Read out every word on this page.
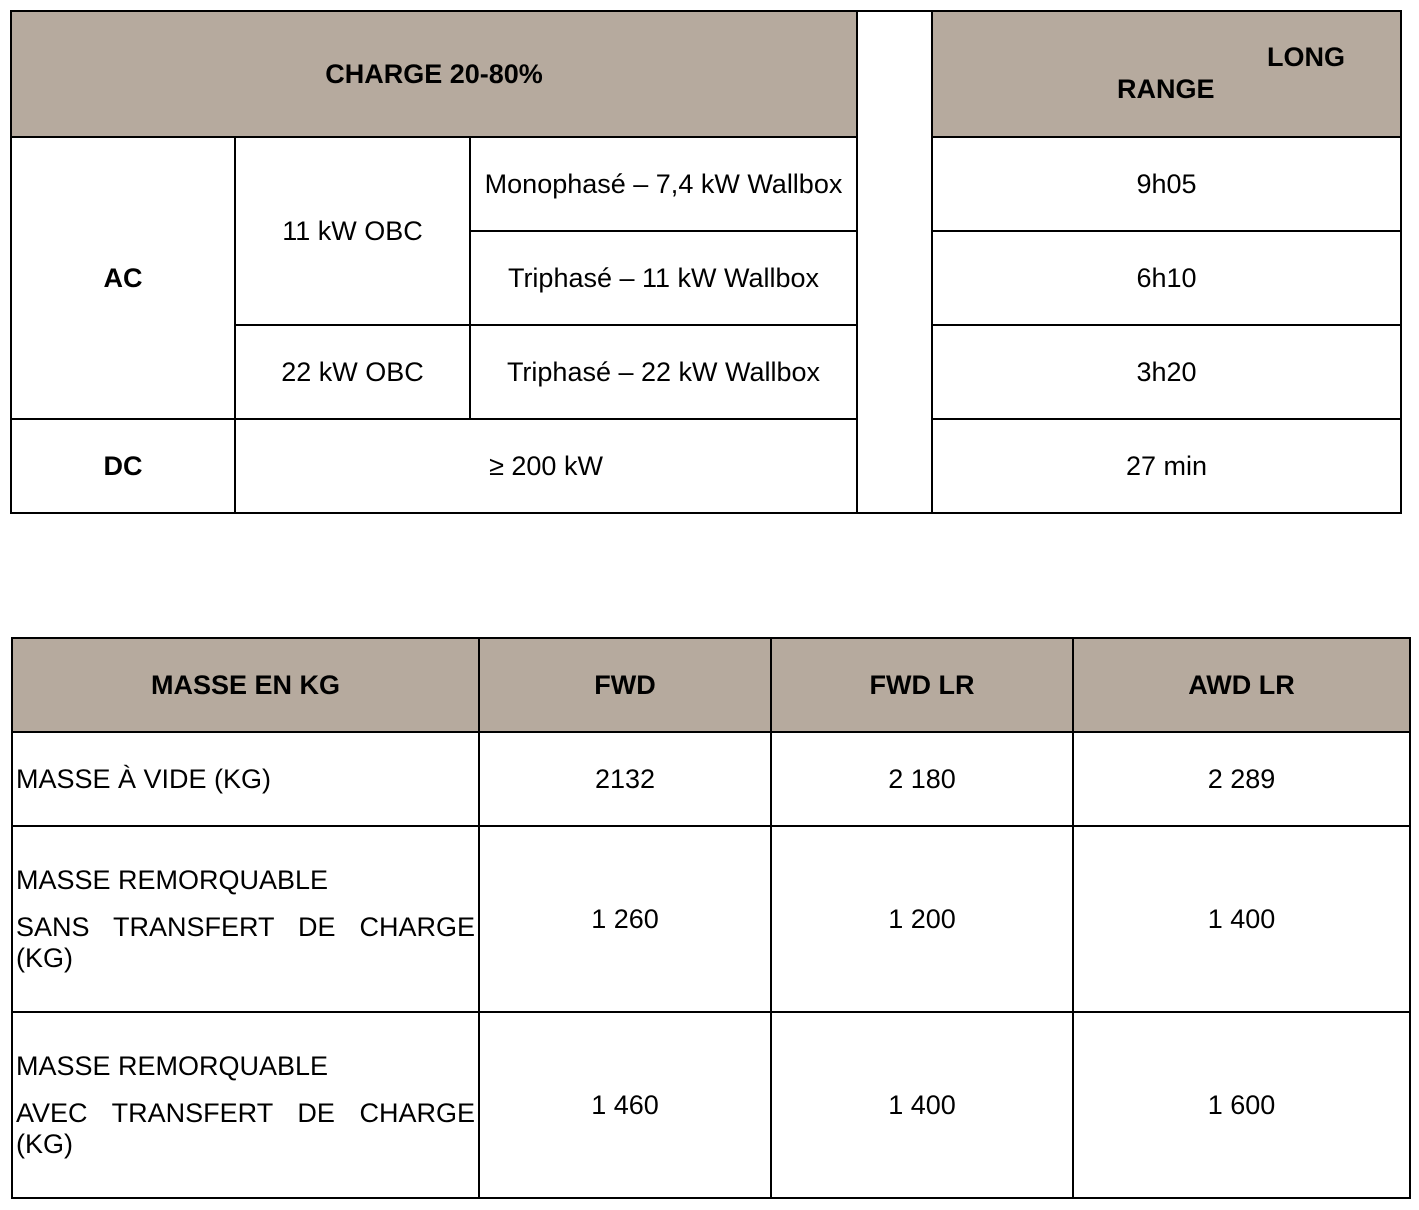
CHARGE 20-80%				LONG
RANGE

AC	11 kW OBC	Monophasé – 7,4 kW Wallbox		9h05
		Triphasé – 11 kW Wallbox		6h10
	22 kW OBC	Triphasé – 22 kW Wallbox		3h20
DC	≥ 200 kW			27 min
MASSE EN KG	FWD	FWD LR	AWD LR
MASSE À VIDE (KG)	2132	2 180	2 289

MASSE REMORQUABLE
SANS TRANSFERT DE CHARGE
(KG)	1 260	1 200	1 400

MASSE REMORQUABLE
AVEC TRANSFERT DE CHARGE
(KG)	1 460	1 400	1 600
